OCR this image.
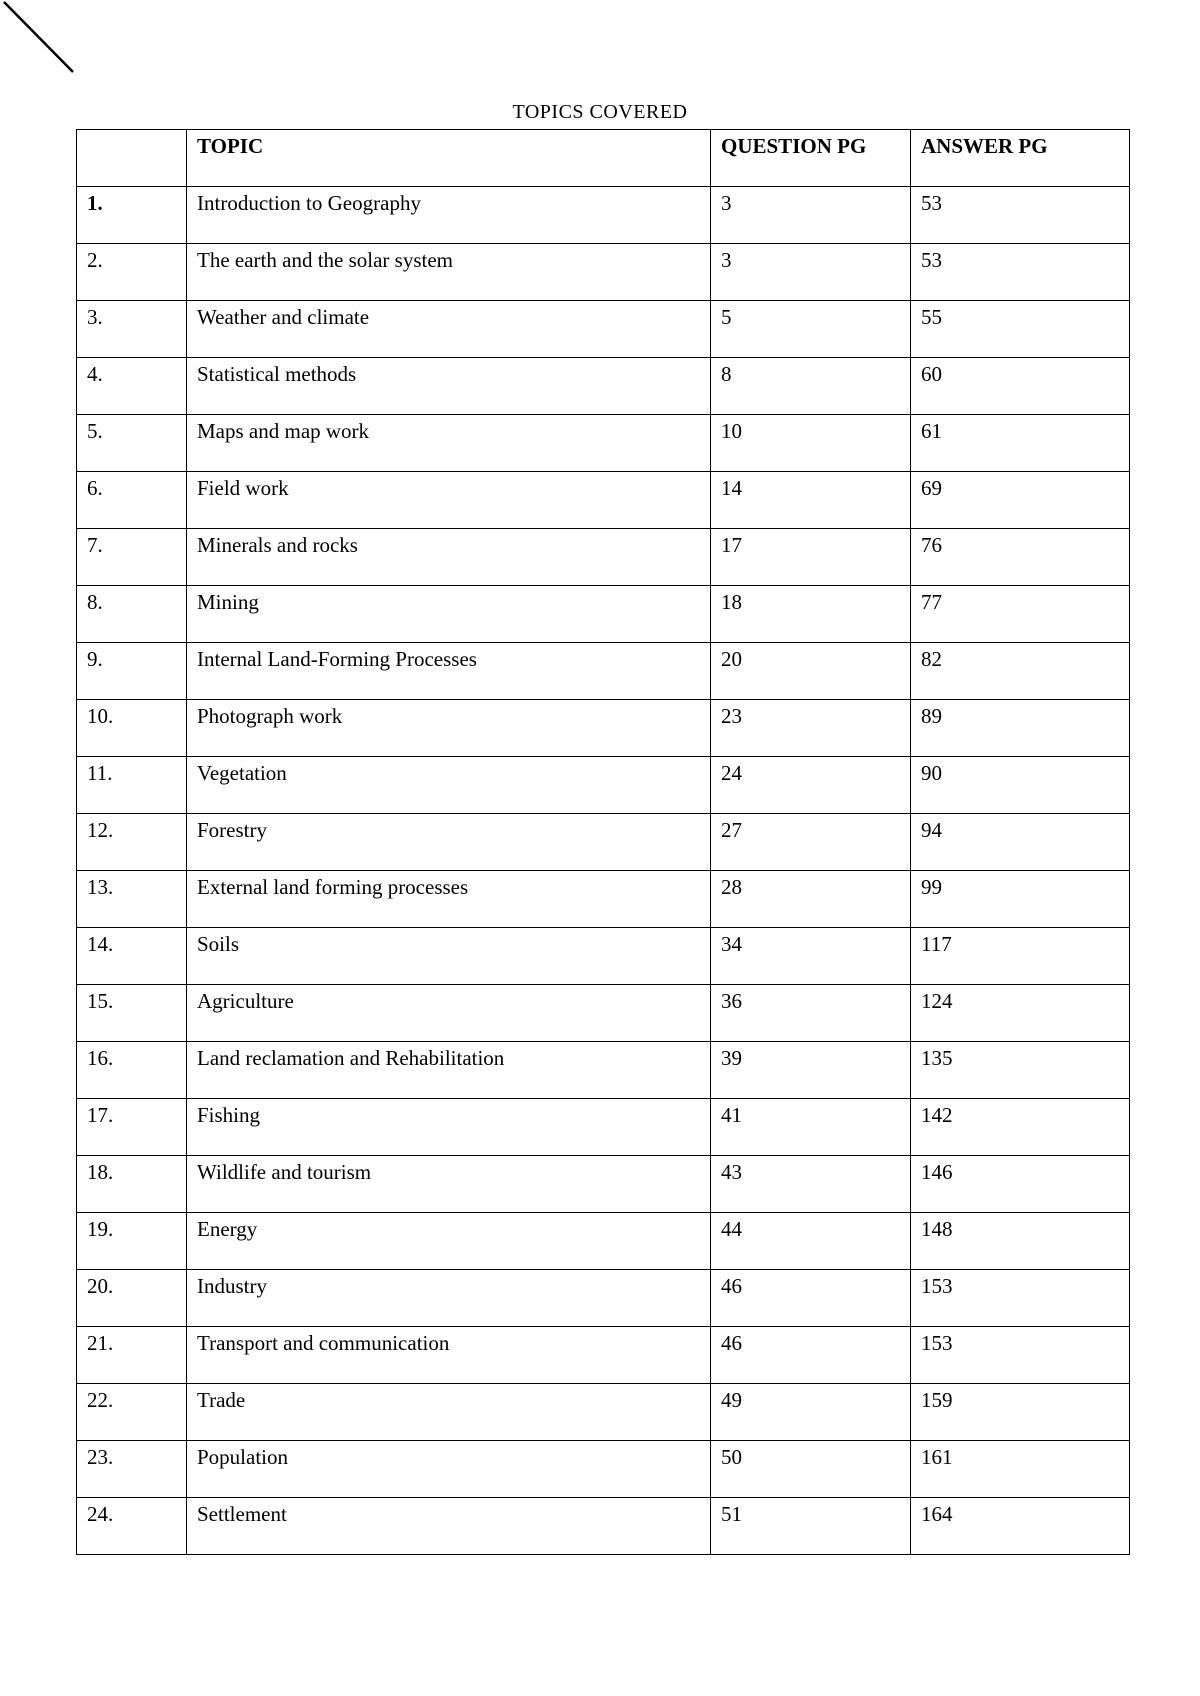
TOPICS COVERED
	TOPIC	QUESTION PG	ANSWER PG
1.	Introduction to Geography	3	53
2.	The earth and the solar system	3	53
3.	Weather and climate	5	55
4.	Statistical methods	8	60
5.	Maps and map work	10	61
6.	Field work	14	69
7.	Minerals and rocks	17	76
8.	Mining	18	77
9.	Internal Land-Forming Processes	20	82
10.	Photograph work	23	89
11.	Vegetation	24	90
12.	Forestry	27	94
13.	External land forming processes	28	99
14.	Soils	34	117
15.	Agriculture	36	124
16.	Land reclamation and Rehabilitation	39	135
17.	Fishing	41	142
18.	Wildlife and tourism	43	146
19.	Energy	44	148
20.	Industry	46	153
21.	Transport and communication	46	153
22.	Trade	49	159
23.	Population	50	161
24.	Settlement	51	164
